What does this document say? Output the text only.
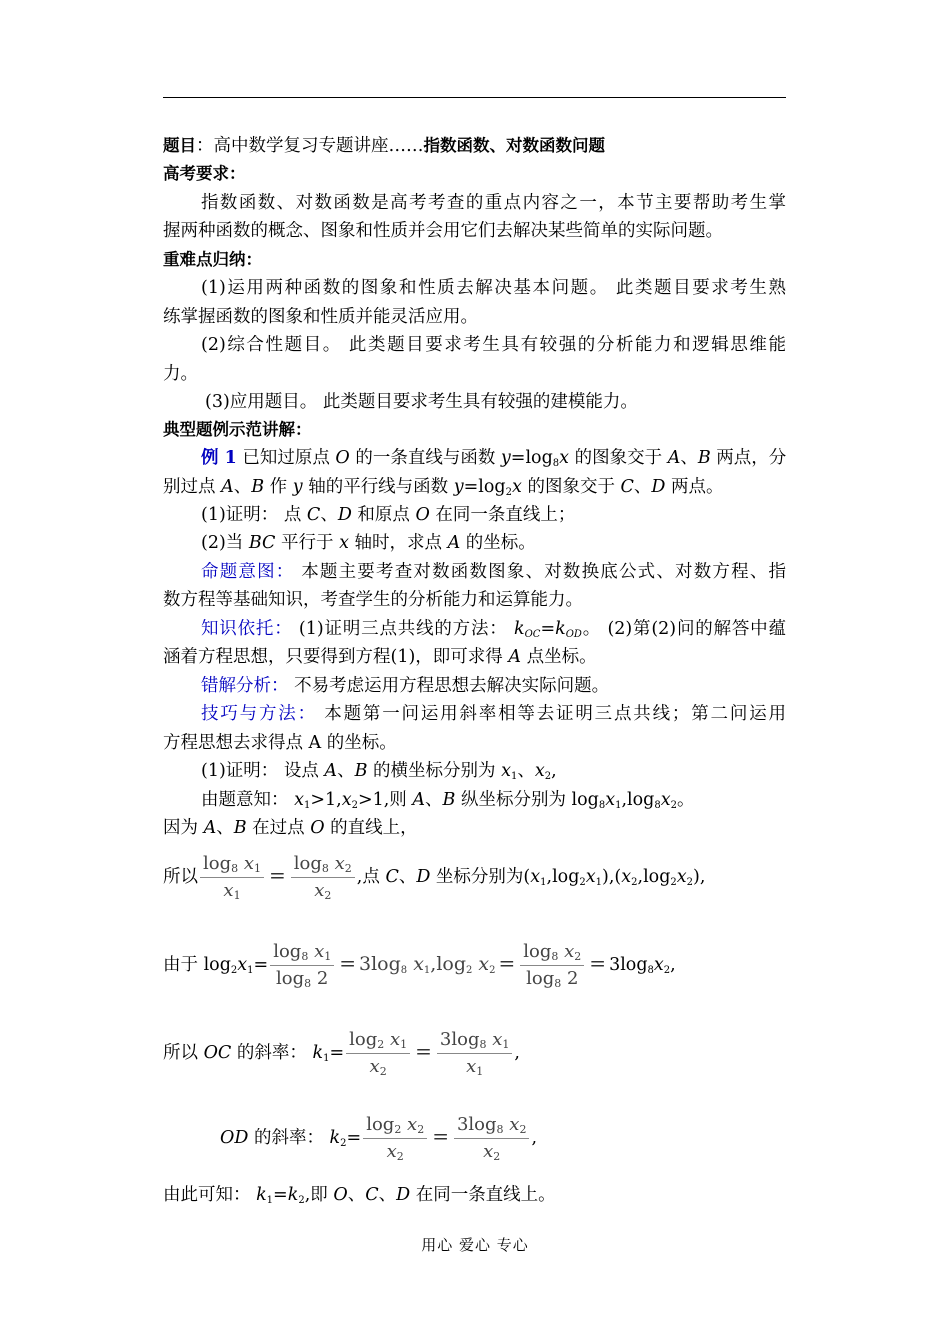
题目：高中数学复习专题讲座……指数函数、对数函数问题
高考要求：
指数函数、对数函数是高考考查的重点内容之一，本节主要帮助考生掌
握两种函数的概念、图象和性质并会用它们去解决某些简单的实际问题。
重难点归纳：
(1)运用两种函数的图象和性质去解决基本问题。 此类题目要求考生熟
练掌握函数的图象和性质并能灵活应用。
(2)综合性题目。 此类题目要求考生具有较强的分析能力和逻辑思维能
力。
(3)应用题目。 此类题目要求考生具有较强的建模能力。
典型题例示范讲解：
例 1 已知过原点 O 的一条直线与函数 $y=\log_8x$ 的图象交于 A、B 两点，分
别过点 A、B 作 y 轴的平行线与函数 $y=\log_2x$ 的图象交于 C、D 两点。
(1)证明： 点 C、D 和原点 O 在同一条直线上；
(2)当 BC 平行于 x 轴时，求点 A 的坐标。
命题意图： 本题主要考查对数函数图象、对数换底公式、对数方程、指
数方程等基础知识，考查学生的分析能力和运算能力。
知识依托： (1)证明三点共线的方法： $k_{OC}=k_{OD}$。 (2)第(2)问的解答中蕴
涵着方程思想，只要得到方程(1)，即可求得 A 点坐标。
错解分析： 不易考虑运用方程思想去解决实际问题。
技巧与方法： 本题第一问运用斜率相等去证明三点共线；第二问运用
方程思想去求得点 A 的坐标。
(1)证明： 设点 A、B 的横坐标分别为 $x_1$、$x_2$,
由题意知： $x_1>1,x_2>1$,则 A、B 纵坐标分别为 $\log_8x_1,\log_8x_2$。
因为 A、B 在过点 O 的直线上，
所以 $\frac{\log_8 x_1}{x_1} = \frac{\log_8 x_2}{x_2}$ ,点 C、D 坐标分别为$(x_1,\log_2x_1),(x_2,\log_2x_2)$,
由于 $\log_2x_1= \frac{\log_8 x_1}{\log_8 2} = 3\log_8$ $x_1,\log_2$ $x_2 = \frac{\log_8 x_2}{\log_8 2} = 3\log_8x_2$,
所以 OC 的斜率： $k_1= \frac{\log_2 x_1}{x_2} = \frac{3\log_8 x_1}{x_1}$ ,
OD 的斜率： $k_2= \frac{\log_2 x_2}{x_2} = \frac{3\log_8 x_2}{x_2}$ ,
由此可知： $k_1=k_2$,即 O、C、D 在同一条直线上。
用心 爱心 专心
